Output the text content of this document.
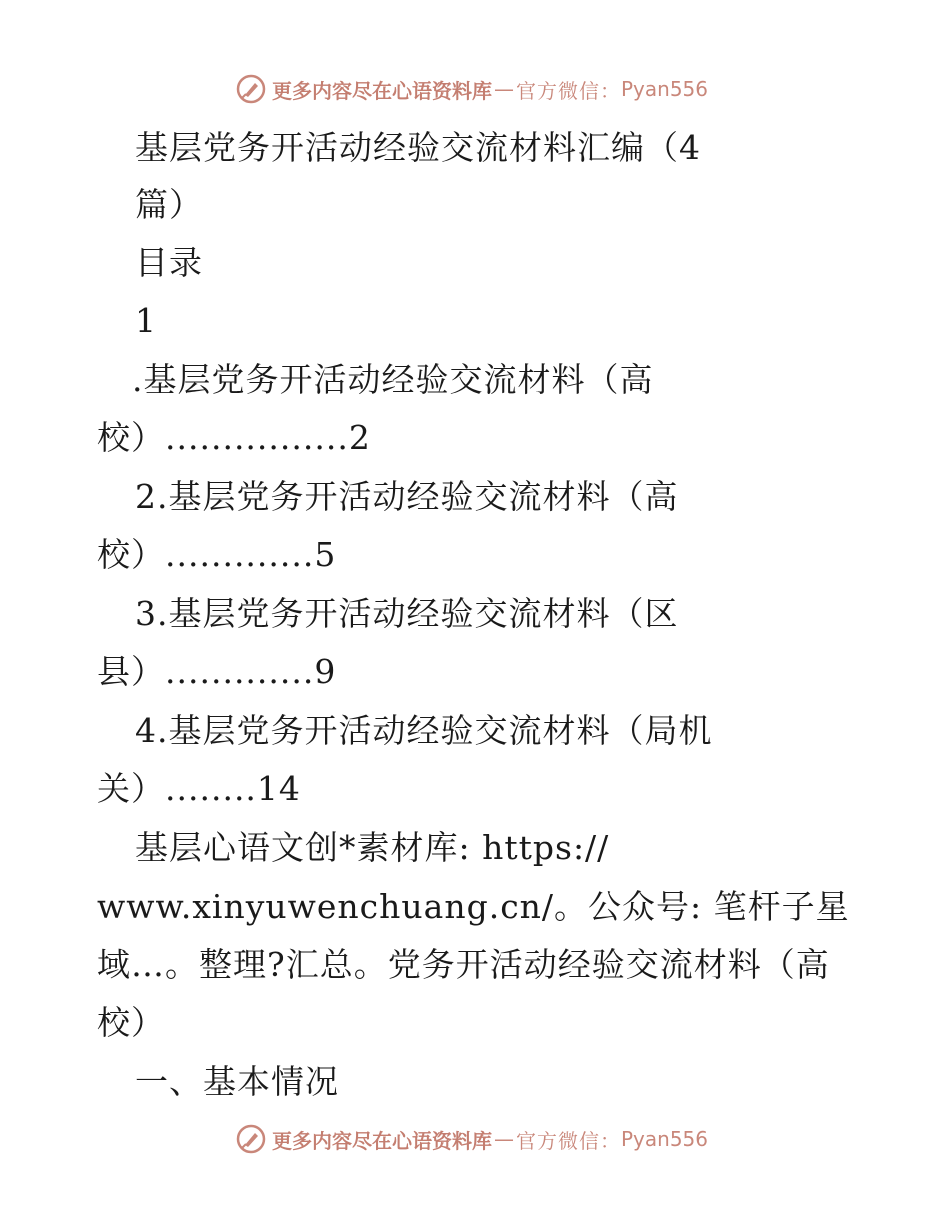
更多内容尽在心语资料库 — 官方微信： Pyan556

基层党务开活动经验交流材料汇编（4

篇）

目录

1

.基层党务开活动经验交流材料（高

校）................2

2.基层党务开活动经验交流材料（高

校）.............5

3.基层党务开活动经验交流材料（区

县）.............9

4.基层党务开活动经验交流材料（局机

关）........14

基层心语文创*素材库: https://

www.xinyuwenchuang.cn/。公众号: 笔杆子星

域…。整理?汇总。党务开活动经验交流材料（高

校）

一、基本情况

更多内容尽在心语资料库 — 官方微信： Pyan556
